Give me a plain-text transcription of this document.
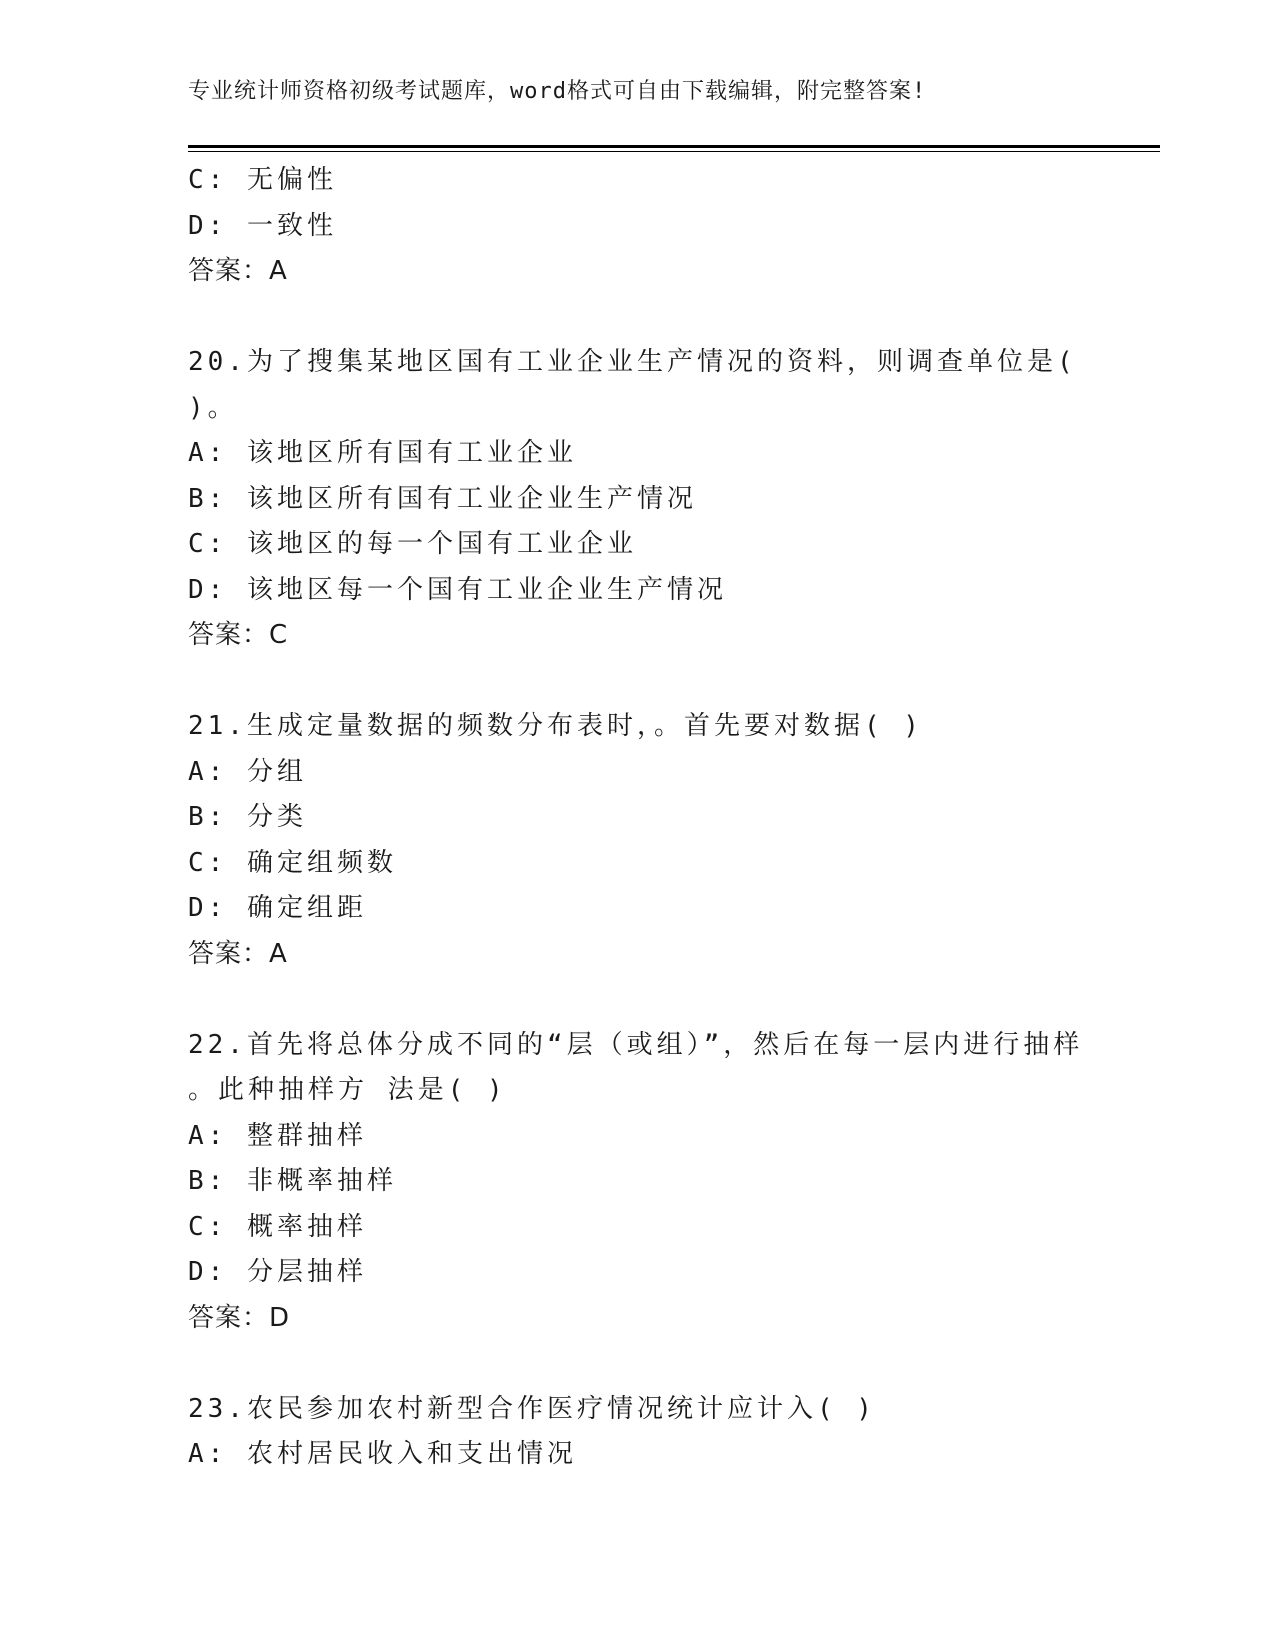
专业统计师资格初级考试题库，word格式可自由下载编辑，附完整答案!
C: 无偏性
D: 一致性
答案：A
20.为了搜集某地区国有工业企业生产情况的资料，则调查单位是(
)。
A: 该地区所有国有工业企业
B: 该地区所有国有工业企业生产情况
C: 该地区的每一个国有工业企业
D: 该地区每一个国有工业企业生产情况
答案：C
21.生成定量数据的频数分布表时，。首先要对数据( )
A: 分组
B: 分类
C: 确定组频数
D: 确定组距
答案：A
22.首先将总体分成不同的“层（或组）”，然后在每一层内进行抽样
。此种抽样方 法是( )
A: 整群抽样
B: 非概率抽样
C: 概率抽样
D: 分层抽样
答案：D
23.农民参加农村新型合作医疗情况统计应计入( )
A: 农村居民收入和支出情况
